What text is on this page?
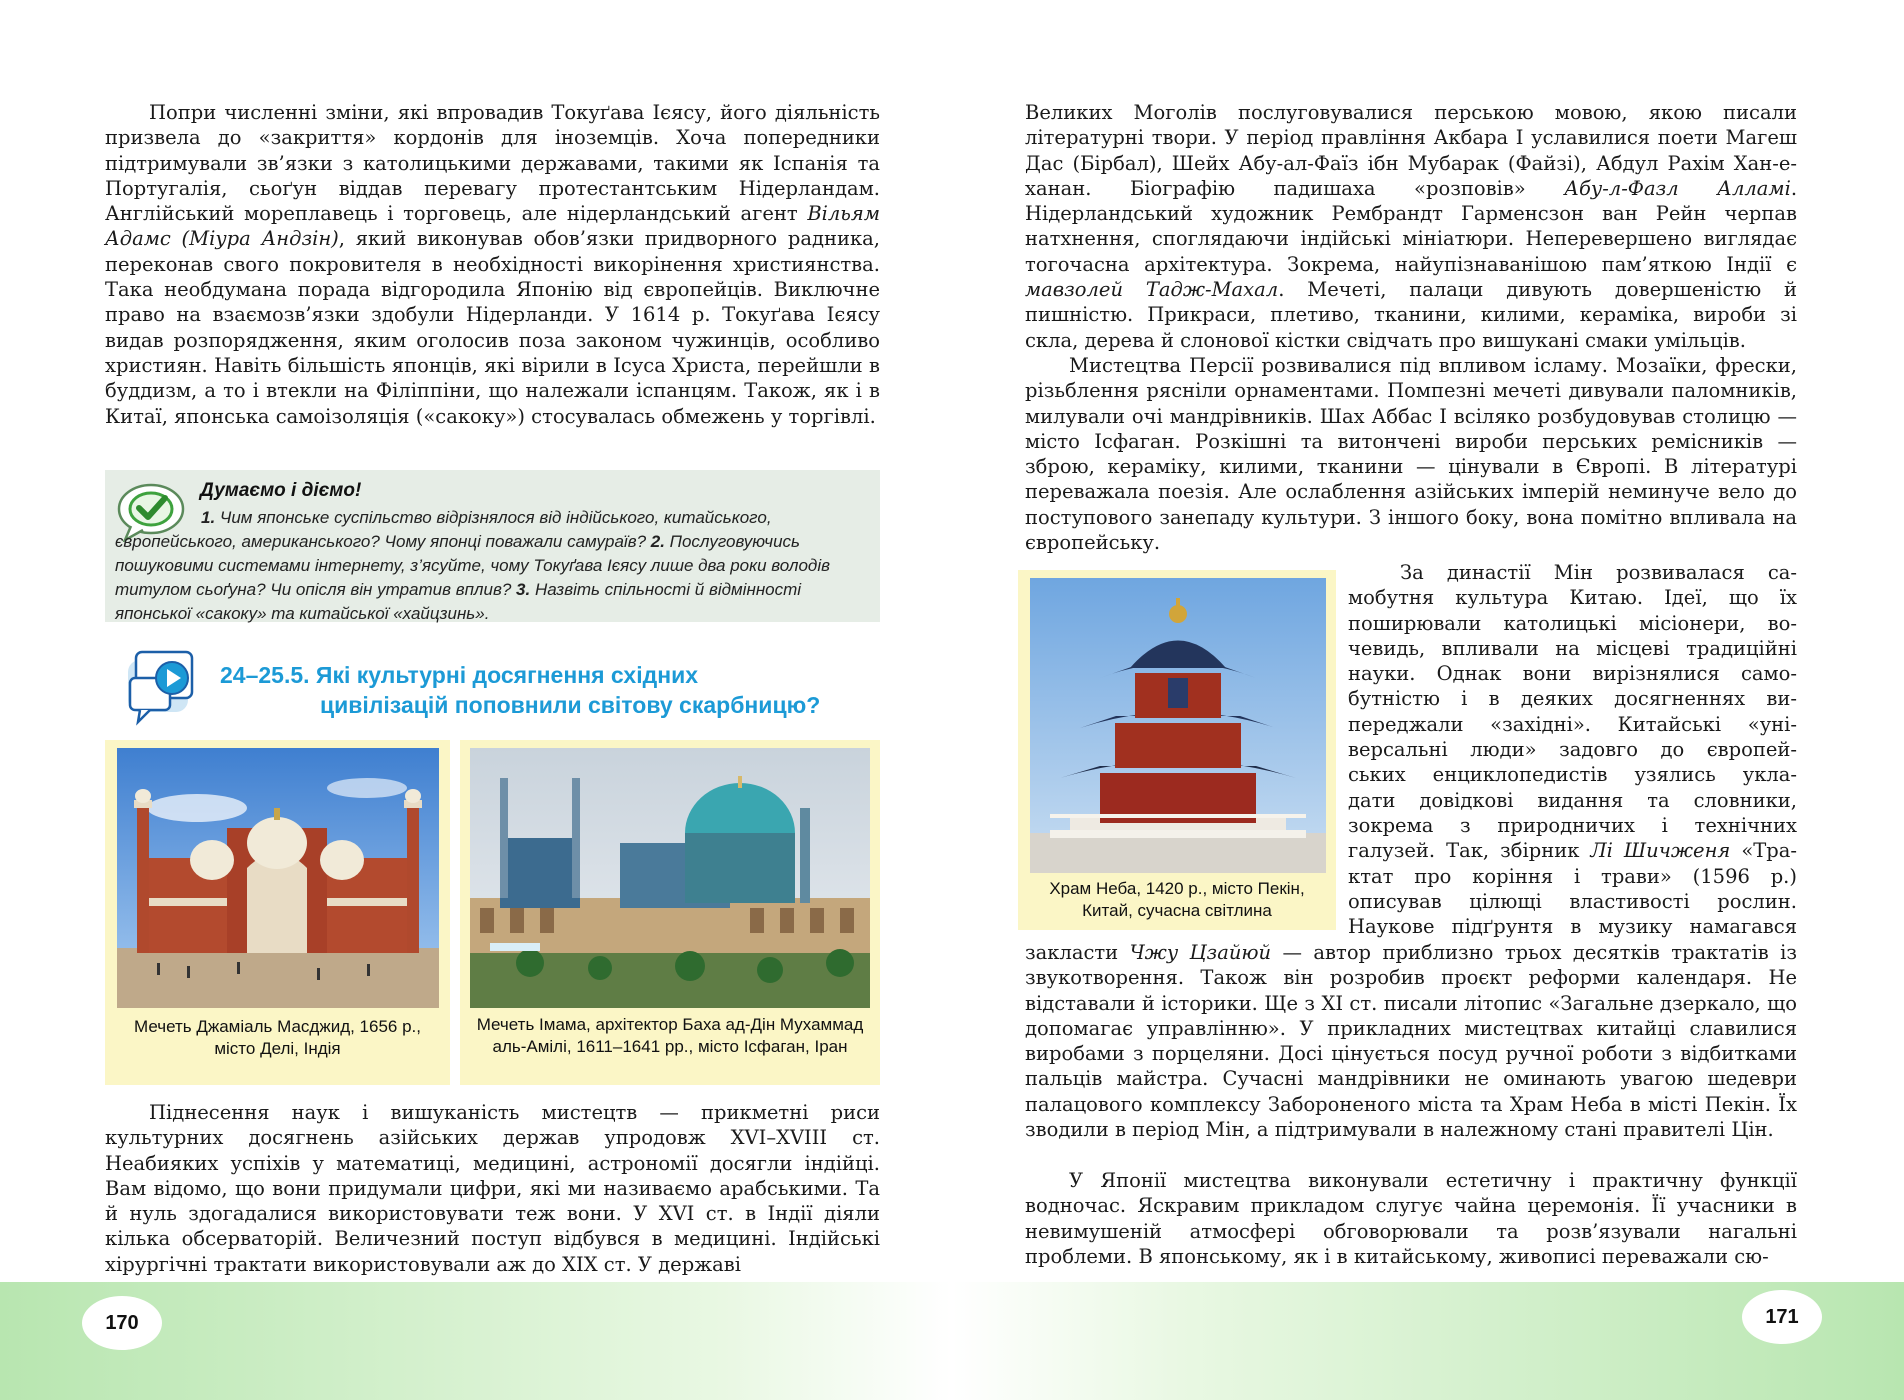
Попри численні зміни, які впровадив Токуґава Ієясу, його діяльність призвела до «закриття» кордонів для іноземців. Хоча попередники підтримували зв’язки з католицькими державами, такими як Іспанія та Португалія, сьоґун віддав перевагу протестантським Нідерландам. Англійський мореплавець і торговець, але нідерландський агент Вільям Адамс (Міура Андзін), який виконував обов’язки придворного радника, переконав свого покровителя в необхідності викорінення християнства. Така необдумана порада відгородила Японію від європейців. Виключне право на взаємозв’язки здобули Нідерланди. У 1614 р. Токуґава Ієясу видав розпорядження, яким оголосив поза законом чужинців, особливо християн. Навіть більшість японців, які вірили в Ісуса Христа, перейшли в буддизм, а то і втекли на Філіппіни, що належали іспанцям. Також, як і в Китаї, японська самоізоляція («сакоку») стосувалась обмежень у торгівлі.

Думаємо і діємо!
1. Чим японське суспільство відрізнялося від індійського, китайського, європейського, американського? Чому японці поважали самураїв? 2. Послуговуючись пошуковими системами інтернету, з’ясуйте, чому Токуґава Ієясу лише два роки володів титулом сьоґуна? Чи опісля він утратив вплив? 3. Назвіть спільності й відмінності японської «сакоку» та китайської «хайцзинь».
24–25.5. Які культурні досягнення східних
цивілізацій поповнили світову скарбницю?
Мечеть Джаміаль Масджид, 1656 р., місто Делі, Індія
Мечеть Імама, архітектор Баха ад-Дін Мухаммад аль-Амілі, 1611–1641 рр., місто Ісфаган, Іран

Піднесення наук і вишуканість мистецтв — прикметні риси культурних досягнень азійських держав упродовж XVI–XVIII ст. Неабияких успіхів у математиці, медицині, астрономії досягли індійці. Вам відомо, що вони придумали цифри, які ми називаємо арабськими. Та й нуль здогадалися використовувати теж вони. У XVI ст. в Індії діяли кілька обсерваторій. Величезний поступ відбувся в медицині. Індійські хірургічні трактати використовували аж до XIX ст. У державі

170

Великих Моголів послуговувалися перською мовою, якою писали літературні твори. У період правління Акбара І уславилися поети Магеш Дас (Бірбал), Шейх Абу-ал-Фаїз ібн Мубарак (Файзі), Абдул Рахім Хан-е-ханан. Біографію падишаха «розповів» Абу-л-Фазл Алламі. Нідерландський художник Рембрандт Гарменсзон ван Рейн черпав натхнення, споглядаючи індійські мініатюри. Неперевершено виглядає тогочасна архітектура. Зокрема, найупізнаванішою пам’яткою Індії є мавзолей Тадж-Махал. Мечеті, палаци дивують довершеністю й пишністю. Прикраси, плетиво, тканини, килими, кераміка, вироби зі скла, дерева й слонової кістки свідчать про вишукані смаки умільців.

Мистецтва Персії розвивалися під впливом ісламу. Мозаїки, фрески, різьблення рясніли орнаментами. Помпезні мечеті дивували паломників, милували очі мандрівників. Шах Аббас І всіляко розбудовував столицю — місто Ісфаган. Розкішні та витончені вироби перських ремісників — зброю, кераміку, килими, тканини — цінували в Європі. В літературі переважала поезія. Але ослаблення азійських імперій неминуче вело до поступового занепаду культури. З іншого боку, вона помітно впливала на європейську.

Храм Неба, 1420 р., місто Пекін, Китай, сучасна світлина
За династії Мін розвивалася са-
мобутня культура Китаю. Ідеї, що їх
поширювали католицькі місіонери, во-
чевидь, впливали на місцеві традиційні
науки. Однак вони вирізнялися само-
бутністю і в деяких досягненнях ви-
переджали «західні». Китайські «уні-
версальні люди» задовго до європей-
ських енциклопедистів узялись укла-
дати довідкові видання та словники,
зокрема з природничих і технічних
галузей. Так, збірник Лі Шичженя «Тра-
ктат про коріння і трави» (1596 р.)
описував цілющі властивості рослин.
Наукове підґрунтя в музику намагався

закласти Чжу Цзайюй — автор приблизно трьох десятків трактатів із звукотворення. Також він розробив проєкт реформи календаря. Не відставали й історики. Ще з XI ст. писали літопис «Загальне дзеркало, що допомагає управлінню». У прикладних мистецтвах китайці славилися виробами з порцеляни. Досі цінується посуд ручної роботи з відбитками пальців майстра. Сучасні мандрівники не оминають увагою шедеври палацового комплексу Забороненого міста та Храм Неба в місті Пекін. Їх зводили в період Мін, а підтримували в належному стані правителі Цін.

У Японії мистецтва виконували естетичну і практичну функції водночас. Яскравим прикладом слугує чайна церемонія. Її учасники в невимушеній атмосфері обговорювали та розв’язували нагальні проблеми. В японському, як і в китайському, живописі переважали сю-

171
